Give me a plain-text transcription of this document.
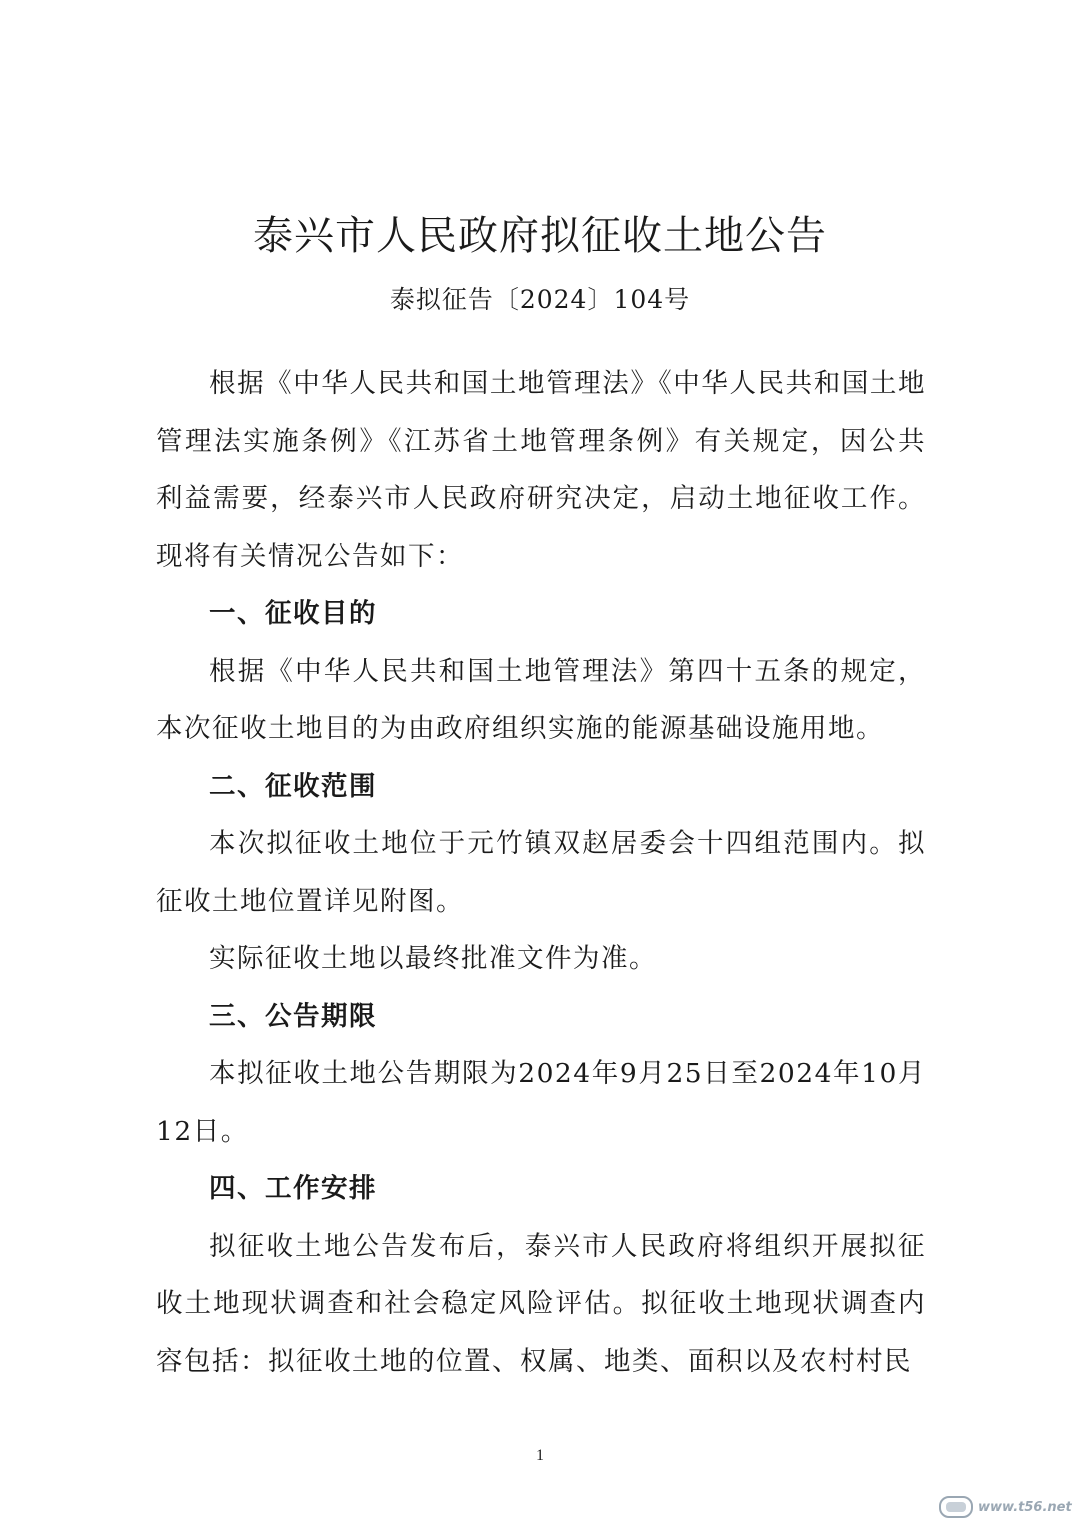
泰兴市人民政府拟征收土地公告
泰拟征告〔2024〕104号

根据《中华人民共和国土地管理法》《中华人民共和国土地管理法实施条例》《江苏省土地管理条例》有关规定，因公共利益需要，经泰兴市人民政府研究决定，启动土地征收工作。现将有关情况公告如下：

一、征收目的

根据《中华人民共和国土地管理法》第四十五条的规定，本次征收土地目的为由政府组织实施的能源基础设施用地。

二、征收范围

本次拟征收土地位于元竹镇双赵居委会十四组范围内。拟征收土地位置详见附图。

实际征收土地以最终批准文件为准。

三、公告期限

本拟征收土地公告期限为2024年9月25日至2024年10月12日。

四、工作安排

拟征收土地公告发布后，泰兴市人民政府将组织开展拟征收土地现状调查和社会稳定风险评估。拟征收土地现状调查内容包括：拟征收土地的位置、权属、地类、面积以及农村村民

1
www.t56.net
